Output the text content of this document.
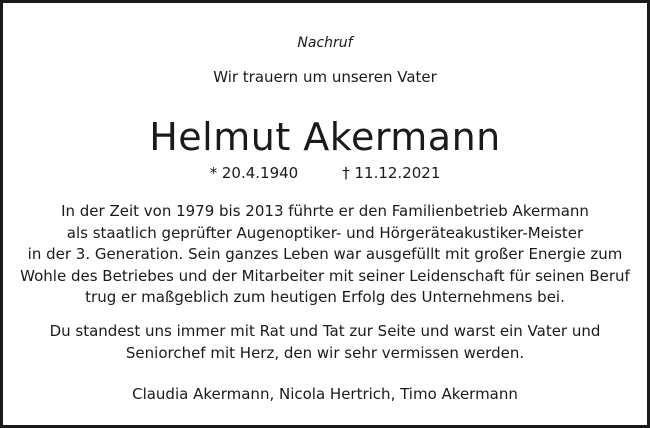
Nachruf
Wir trauern um unseren Vater
Helmut Akermann
* 20.4.1940	† 11.12.2021
In der Zeit von 1979 bis 2013 führte er den Familienbetrieb Akermann
als staatlich geprüfter Augenoptiker- und Hörgeräteakustiker-Meister
in der 3. Generation. Sein ganzes Leben war ausgefüllt mit großer Energie zum
Wohle des Betriebes und der Mitarbeiter mit seiner Leidenschaft für seinen Beruf
trug er maßgeblich zum heutigen Erfolg des Unternehmens bei.
Du standest uns immer mit Rat und Tat zur Seite und warst ein Vater und
Seniorchef mit Herz, den wir sehr vermissen werden.
Claudia Akermann, Nicola Hertrich, Timo Akermann
